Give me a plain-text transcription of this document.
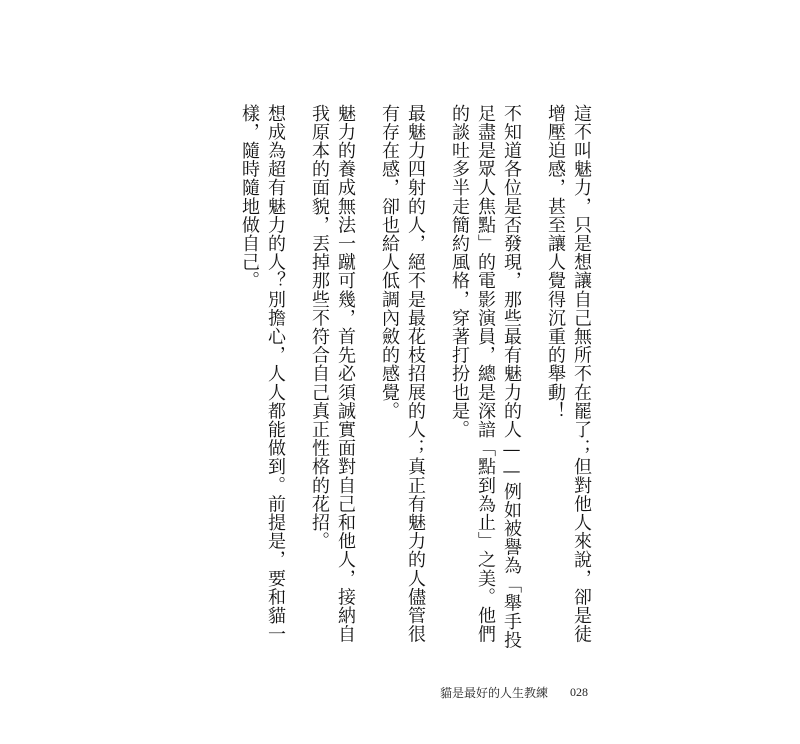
這不叫魅力，只是想讓自己無所不在罷了；但對他人來說，卻是徒增壓迫感，甚至讓人覺得沉重的舉動！

不知道各位是否發現，那些最有魅力的人——例如被譽為「舉手投足盡是眾人焦點」的電影演員，總是深諳「點到為止」之美。他們的談吐多半走簡約風格，穿著打扮也是。

最魅力四射的人，絕不是最花枝招展的人；真正有魅力的人儘管很有存在感，卻也給人低調內斂的感覺。

魅力的養成無法一蹴可幾，首先必須誠實面對自己和他人，接納自我原本的面貌，丟掉那些不符合自己真正性格的花招。

想成為超有魅力的人？別擔心，人人都能做到。前提是，要和貓一樣，隨時隨地做自己。

貓是最好的人生教練 028
